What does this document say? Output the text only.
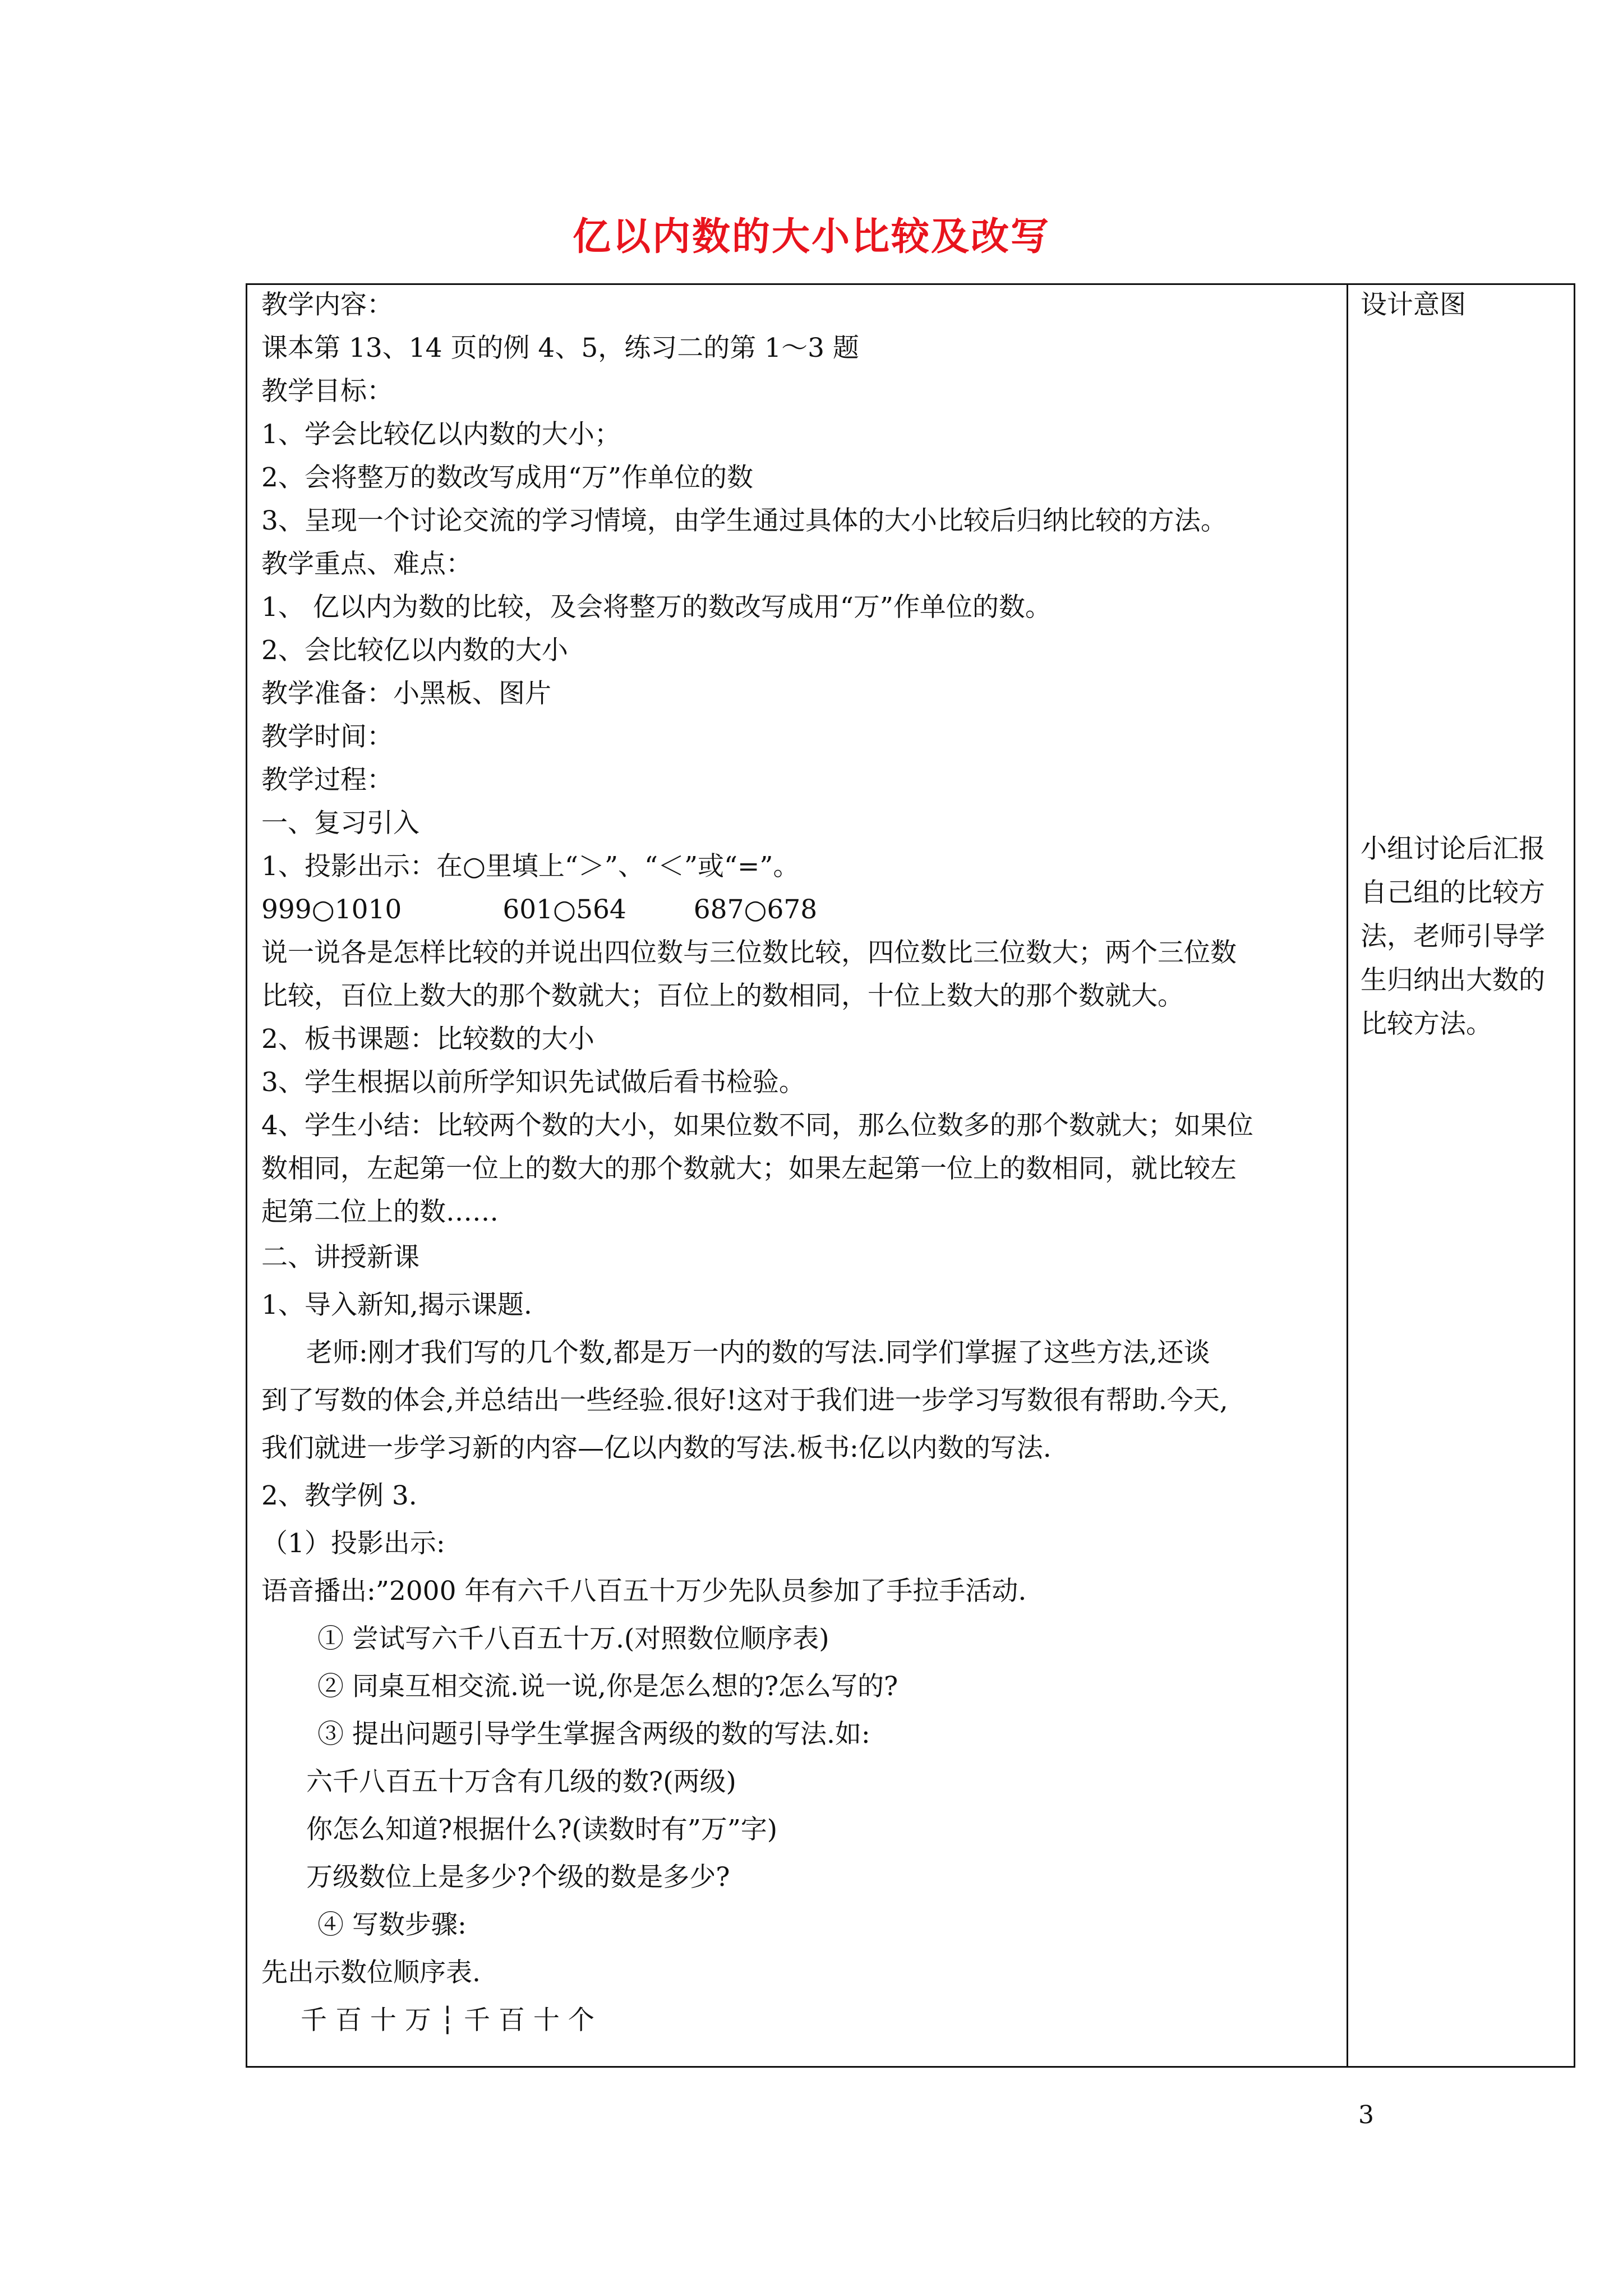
亿以内数的大小比较及改写
教学内容：
课本第 13、14 页的例 4、5，练习二的第 1～3 题
教学目标：
1、学会比较亿以内数的大小；
2、会将整万的数改写成用“万”作单位的数
3、呈现一个讨论交流的学习情境，由学生通过具体的大小比较后归纳比较的方法。
教学重点、难点：
1、 亿以内为数的比较，及会将整万的数改写成用“万”作单位的数。
2、会比较亿以内数的大小
教学准备：小黑板、图片
教学时间：
教学过程：
一、复习引入
1、投影出示：在○里填上“＞”、“＜”或“=”。
999○1010	601○564	687○678
说一说各是怎样比较的并说出四位数与三位数比较，四位数比三位数大；两个三位数
比较，百位上数大的那个数就大；百位上的数相同，十位上数大的那个数就大。
2、板书课题：比较数的大小
3、学生根据以前所学知识先试做后看书检验。
4、学生小结：比较两个数的大小，如果位数不同，那么位数多的那个数就大；如果位
数相同，左起第一位上的数大的那个数就大；如果左起第一位上的数相同，就比较左
起第二位上的数……
二、讲授新课
1、导入新知,揭示课题.
老师:刚才我们写的几个数,都是万一内的数的写法.同学们掌握了这些方法,还谈
到了写数的体会,并总结出一些经验.很好!这对于我们进一步学习写数很有帮助.今天,
我们就进一步学习新的内容—亿以内数的写法.板书:亿以内数的写法.
2、教学例 3.
（1）投影出示:
语音播出:”2000 年有六千八百五十万少先队员参加了手拉手活动.
① 尝试写六千八百五十万.(对照数位顺序表)
② 同桌互相交流.说一说,你是怎么想的?怎么写的?
③ 提出问题引导学生掌握含两级的数的写法.如:
六千八百五十万含有几级的数?(两级)
你怎么知道?根据什么?(读数时有”万”字)
万级数位上是多少?个级的数是多少?
④ 写数步骤:
先出示数位顺序表.
千 百 十 万 ┆ 千 百 十 个
设计意图
小组讨论后汇报
自己组的比较方
法，老师引导学
生归纳出大数的
比较方法。
3
